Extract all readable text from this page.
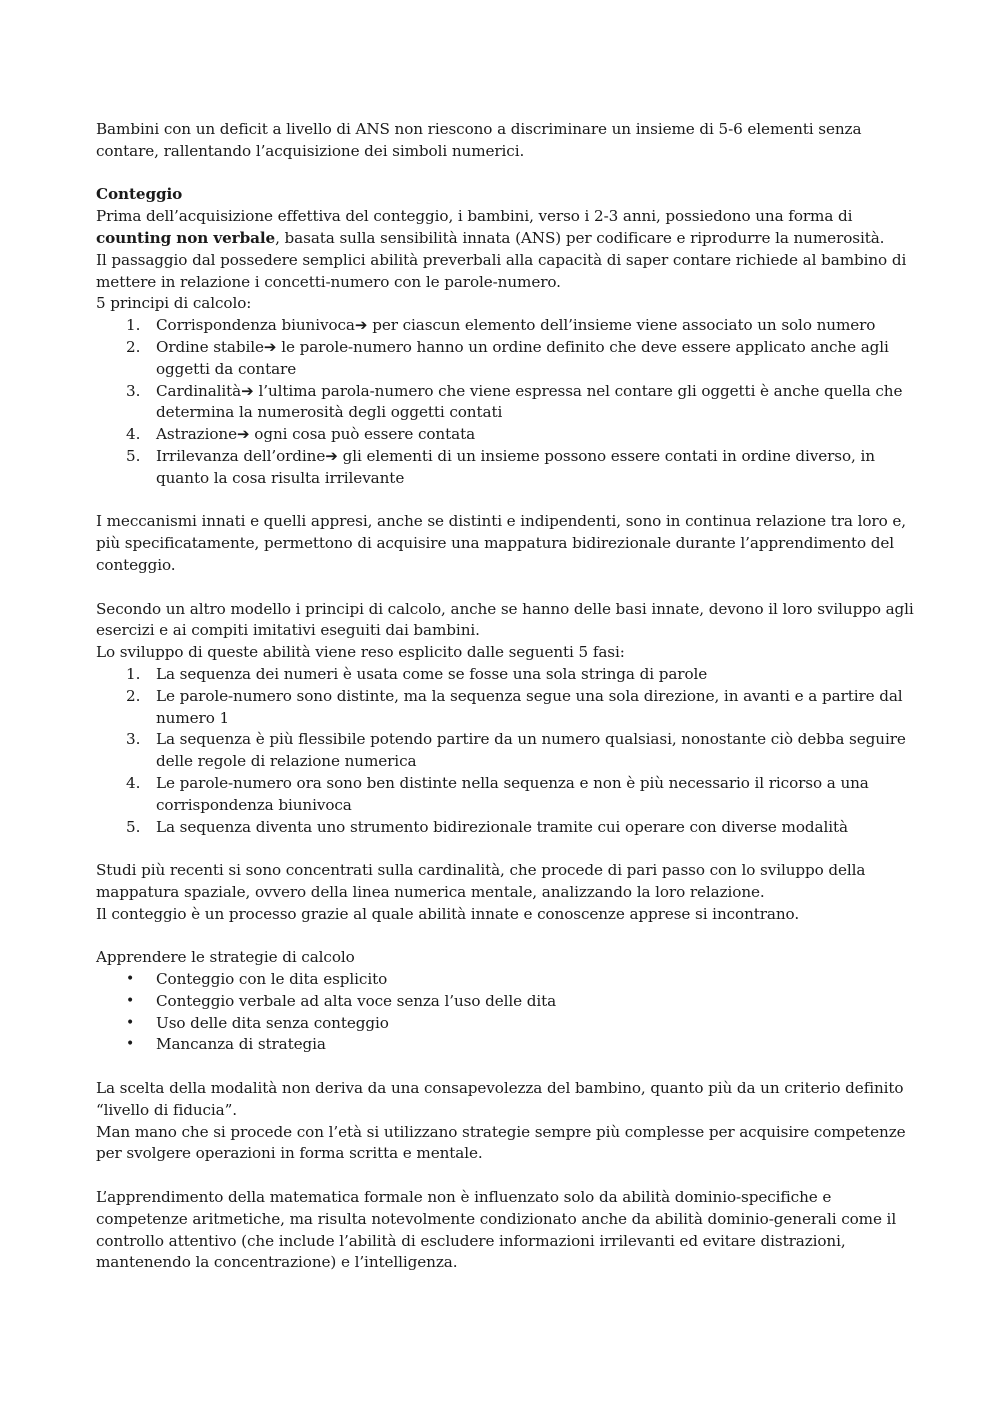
Bambini con un deficit a livello di ANS non riescono a discriminare un insieme di 5-6 elementi senza contare, rallentando l’acquisizione dei simboli numerici.

Conteggio

Prima dell’acquisizione effettiva del conteggio, i bambini, verso i 2-3 anni, possiedono una forma di counting non verbale, basata sulla sensibilità innata (ANS) per codificare e riprodurre la numerosità.

Il passaggio dal possedere semplici abilità preverbali alla capacità di saper contare richiede al bambino di mettere in relazione i concetti-numero con le parole-numero.

5 principi di calcolo:

1.	Corrispondenza biunivoca➔ per ciascun elemento dell’insieme viene associato un solo numero
2.	Ordine stabile➔ le parole-numero hanno un ordine definito che deve essere applicato anche agli oggetti da contare
3.	Cardinalità➔ l’ultima parola-numero che viene espressa nel contare gli oggetti è anche quella che determina la numerosità degli oggetti contati
4.	Astrazione➔ ogni cosa può essere contata
5.	Irrilevanza dell’ordine➔ gli elementi di un insieme possono essere contati in ordine diverso, in quanto la cosa risulta irrilevante

I meccanismi innati e quelli appresi, anche se distinti e indipendenti, sono in continua relazione tra loro e, più specificatamente, permettono di acquisire una mappatura bidirezionale durante l’apprendimento del conteggio.

Secondo un altro modello i principi di calcolo, anche se hanno delle basi innate, devono il loro sviluppo agli esercizi e ai compiti imitativi eseguiti dai bambini.

Lo sviluppo di queste abilità viene reso esplicito dalle seguenti 5 fasi:

1.	La sequenza dei numeri è usata come se fosse una sola stringa di parole
2.	Le parole-numero sono distinte, ma la sequenza segue una sola direzione, in avanti e a partire dal numero 1
3.	La sequenza è più flessibile potendo partire da un numero qualsiasi, nonostante ciò debba seguire delle regole di relazione numerica
4.	Le parole-numero ora sono ben distinte nella sequenza e non è più necessario il ricorso a una corrispondenza biunivoca
5.	La sequenza diventa uno strumento bidirezionale tramite cui operare con diverse modalità

Studi più recenti si sono concentrati sulla cardinalità, che procede di pari passo con lo sviluppo della mappatura spaziale, ovvero della linea numerica mentale, analizzando la loro relazione.

Il conteggio è un processo grazie al quale abilità innate e conoscenze apprese si incontrano.

Apprendere le strategie di calcolo

•	Conteggio con le dita esplicito
•	Conteggio verbale ad alta voce senza l’uso delle dita
•	Uso delle dita senza conteggio
•	Mancanza di strategia

La scelta della modalità non deriva da una consapevolezza del bambino, quanto più da un criterio definito “livello di fiducia”.

Man mano che si procede con l’età si utilizzano strategie sempre più complesse per acquisire competenze per svolgere operazioni in forma scritta e mentale.

L’apprendimento della matematica formale non è influenzato solo da abilità dominio-specifiche e competenze aritmetiche, ma risulta notevolmente condizionato anche da abilità dominio-generali come il controllo attentivo (che include l’abilità di escludere informazioni irrilevanti ed evitare distrazioni, mantenendo la concentrazione) e l’intelligenza.
